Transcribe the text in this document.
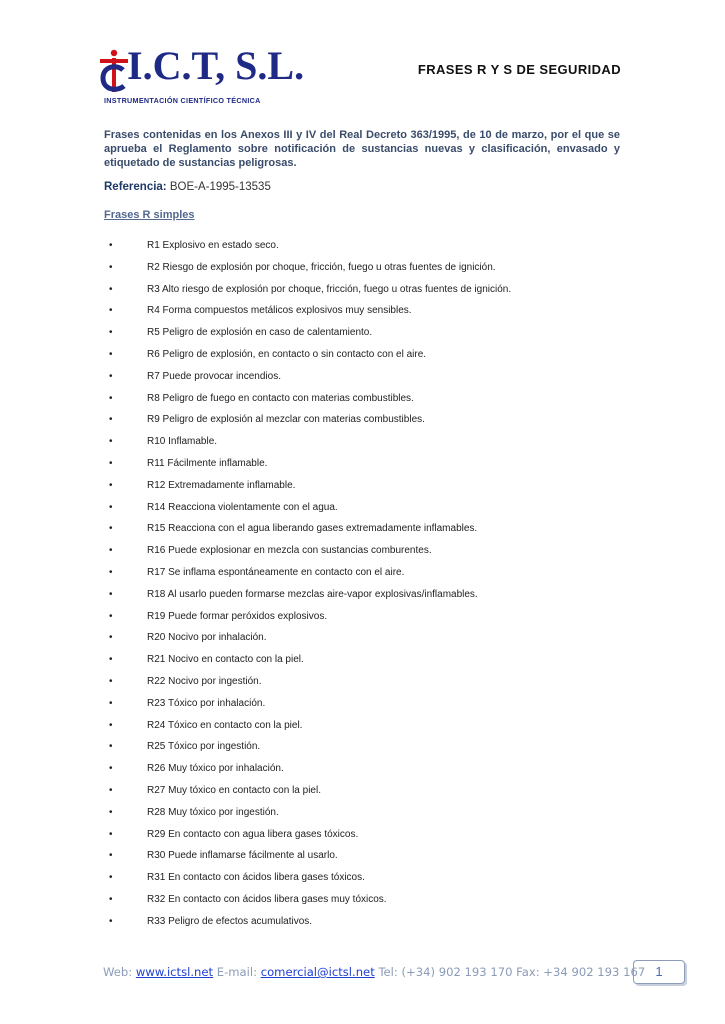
I.C.T, S.L.
INSTRUMENTACIÓN CIENTÍFICO TÉCNICA
FRASES R Y S DE SEGURIDAD
Frases contenidas en los Anexos III y IV del Real Decreto 363/1995, de 10 de marzo, por el que se aprueba el Reglamento sobre notificación de sustancias nuevas y clasificación, envasado y etiquetado de sustancias peligrosas.
Referencia: BOE-A-1995-13535
Frases R simples
•	R1 Explosivo en estado seco.
•	R2 Riesgo de explosión por choque, fricción, fuego u otras fuentes de ignición.
•	R3 Alto riesgo de explosión por choque, fricción, fuego u otras fuentes de ignición.
•	R4 Forma compuestos metálicos explosivos muy sensibles.
•	R5 Peligro de explosión en caso de calentamiento.
•	R6 Peligro de explosión, en contacto o sin contacto con el aire.
•	R7 Puede provocar incendios.
•	R8 Peligro de fuego en contacto con materias combustibles.
•	R9 Peligro de explosión al mezclar con materias combustibles.
•	R10 Inflamable.
•	R11 Fácilmente inflamable.
•	R12 Extremadamente inflamable.
•	R14 Reacciona violentamente con el agua.
•	R15 Reacciona con el agua liberando gases extremadamente inflamables.
•	R16 Puede explosionar en mezcla con sustancias comburentes.
•	R17 Se inflama espontáneamente en contacto con el aire.
•	R18 Al usarlo pueden formarse mezclas aire-vapor explosivas/inflamables.
•	R19 Puede formar peróxidos explosivos.
•	R20 Nocivo por inhalación.
•	R21 Nocivo en contacto con la piel.
•	R22 Nocivo por ingestión.
•	R23 Tóxico por inhalación.
•	R24 Tóxico en contacto con la piel.
•	R25 Tóxico por ingestión.
•	R26 Muy tóxico por inhalación.
•	R27 Muy tóxico en contacto con la piel.
•	R28 Muy tóxico por ingestión.
•	R29 En contacto con agua libera gases tóxicos.
•	R30 Puede inflamarse fácilmente al usarlo.
•	R31 En contacto con ácidos libera gases tóxicos.
•	R32 En contacto con ácidos libera gases muy tóxicos.
•	R33 Peligro de efectos acumulativos.
Web: www.ictsl.net E-mail: comercial@ictsl.net Tel: (+34) 902 193 170 Fax: +34 902 193 167 1
